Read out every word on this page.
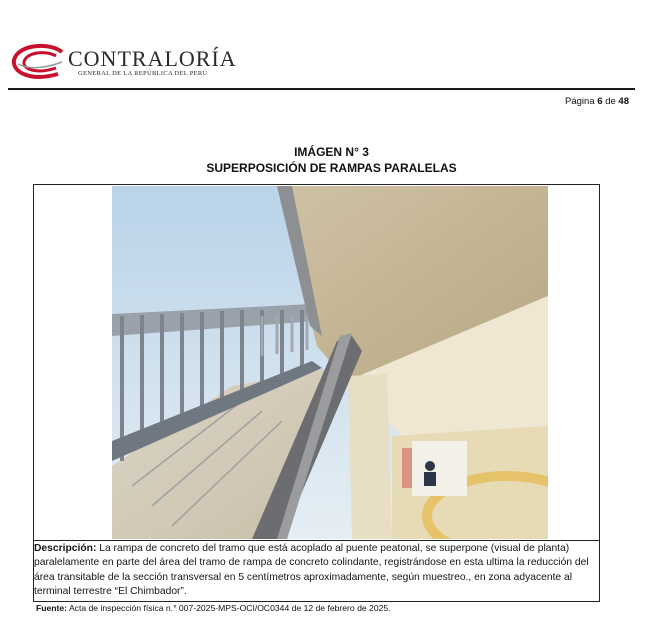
CONTRALORÍA
GENERAL DE LA REPÚBLICA DEL PERÚ
Página 6 de 48
IMÁGEN N° 3
SUPERPOSICIÓN DE RAMPAS PARALELAS
Descripción: La rampa de concreto del tramo que está acoplado al puente peatonal, se superpone (visual de planta) paralelamente en parte del área del tramo de rampa de concreto colindante, registrándose en esta ultima la reducción del área transitable de la sección transversal en 5 centímetros aproximadamente, según muestreo., en zona adyacente al terminal terrestre “El Chimbador”.
Fuente: Acta de inspección física n.° 007-2025-MPS-OCI/OC0344 de 12 de febrero de 2025.
